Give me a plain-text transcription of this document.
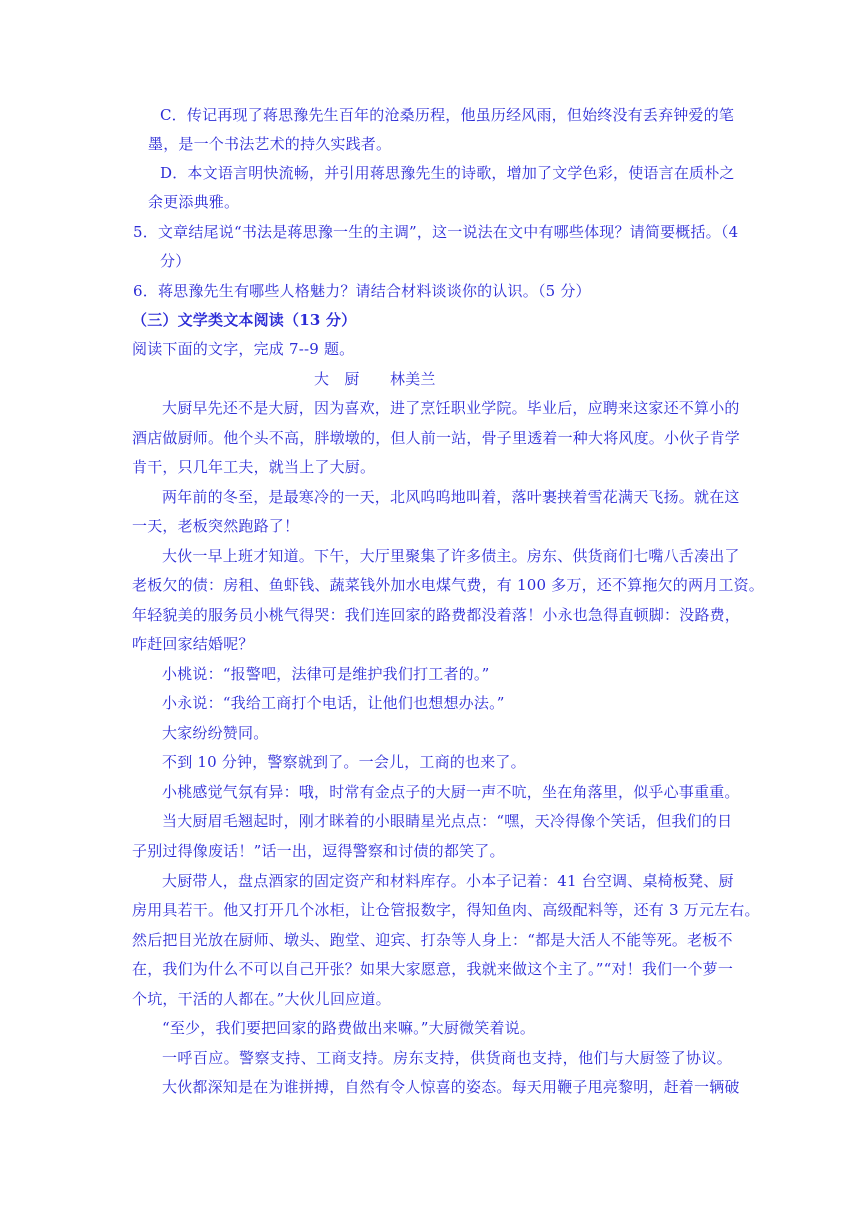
C．传记再现了蒋思豫先生百年的沧桑历程，他虽历经风雨，但始终没有丢弃钟爱的笔
墨，是一个书法艺术的持久实践者。
D．本文语言明快流畅，并引用蒋思豫先生的诗歌，增加了文学色彩，使语言在质朴之
余更添典雅。
5．文章结尾说“书法是蒋思豫一生的主调”，这一说法在文中有哪些体现？请简要概括。（4
分）
6．蒋思豫先生有哪些人格魅力？请结合材料谈谈你的认识。（5 分）
（三）文学类文本阅读（13 分）
阅读下面的文字，完成 7--9 题。
大　厨　　林美兰
大厨早先还不是大厨，因为喜欢，进了烹饪职业学院。毕业后，应聘来这家还不算小的
酒店做厨师。他个头不高，胖墩墩的，但人前一站，骨子里透着一种大将风度。小伙子肯学
肯干，只几年工夫，就当上了大厨。
两年前的冬至，是最寒冷的一天，北风呜呜地叫着，落叶裹挟着雪花满天飞扬。就在这
一天，老板突然跑路了！
大伙一早上班才知道。下午，大厅里聚集了许多债主。房东、供货商们七嘴八舌凑出了
老板欠的债：房租、鱼虾钱、蔬菜钱外加水电煤气费，有 100 多万，还不算拖欠的两月工资。
年轻貌美的服务员小桃气得哭：我们连回家的路费都没着落！小永也急得直顿脚：没路费，
咋赶回家结婚呢？
小桃说：“报警吧，法律可是维护我们打工者的。”
小永说：“我给工商打个电话，让他们也想想办法。”
大家纷纷赞同。
不到 10 分钟，警察就到了。一会儿，工商的也来了。
小桃感觉气氛有异：哦，时常有金点子的大厨一声不吭，坐在角落里，似乎心事重重。
当大厨眉毛翘起时，刚才眯着的小眼睛星光点点：“嘿，天冷得像个笑话，但我们的日
子别过得像废话！”话一出，逗得警察和讨债的都笑了。
大厨带人，盘点酒家的固定资产和材料库存。小本子记着：41 台空调、桌椅板凳、厨
房用具若干。他又打开几个冰柜，让仓管报数字，得知鱼肉、高级配料等，还有 3 万元左右。
然后把目光放在厨师、墩头、跑堂、迎宾、打杂等人身上：“都是大活人不能等死。老板不
在，我们为什么不可以自己开张？如果大家愿意，我就来做这个主了。”“对！我们一个萝一
个坑，干活的人都在。”大伙儿回应道。
“至少，我们要把回家的路费做出来嘛。”大厨微笑着说。
一呼百应。警察支持、工商支持。房东支持，供货商也支持，他们与大厨签了协议。
大伙都深知是在为谁拼搏，自然有令人惊喜的姿态。每天用鞭子甩亮黎明，赶着一辆破
